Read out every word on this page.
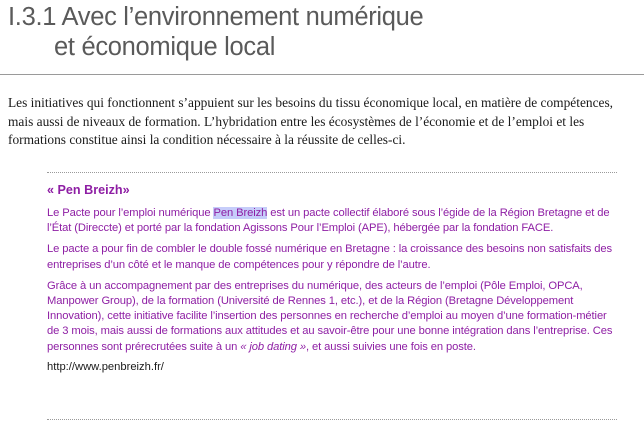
I.3.1 Avec l’environnement numérique
et économique local

Les initiatives qui fonctionnent s’appuient sur les besoins du tissu économique local, en matière de compétences, mais aussi de niveaux de formation. L’hybridation entre les écosystèmes de l’économie et de l’emploi et les formations constitue ainsi la condition nécessaire à la réussite de celles-ci.

« Pen Breizh»

Le Pacte pour l’emploi numérique Pen Breizh est un pacte collectif élaboré sous l’égide de la Région Bretagne et de l’État (Direccte) et porté par la fondation Agissons Pour l’Emploi (APE), hébergée par la fondation FACE.

Le pacte a pour fin de combler le double fossé numérique en Bretagne : la croissance des besoins non satisfaits des entreprises d’un côté et le manque de compétences pour y répondre de l’autre.

Grâce à un accompagnement par des entreprises du numérique, des acteurs de l’emploi (Pôle Emploi, OPCA, Manpower Group), de la formation (Université de Rennes 1, etc.), et de la Région (Bretagne Développement Innovation), cette initiative facilite l’insertion des personnes en recherche d’emploi au moyen d’une formation-métier de 3 mois, mais aussi de formations aux attitudes et au savoir-être pour une bonne intégration dans l’entreprise. Ces personnes sont prérecrutées suite à un « job dating », et aussi suivies une fois en poste.

http://www.penbreizh.fr/
